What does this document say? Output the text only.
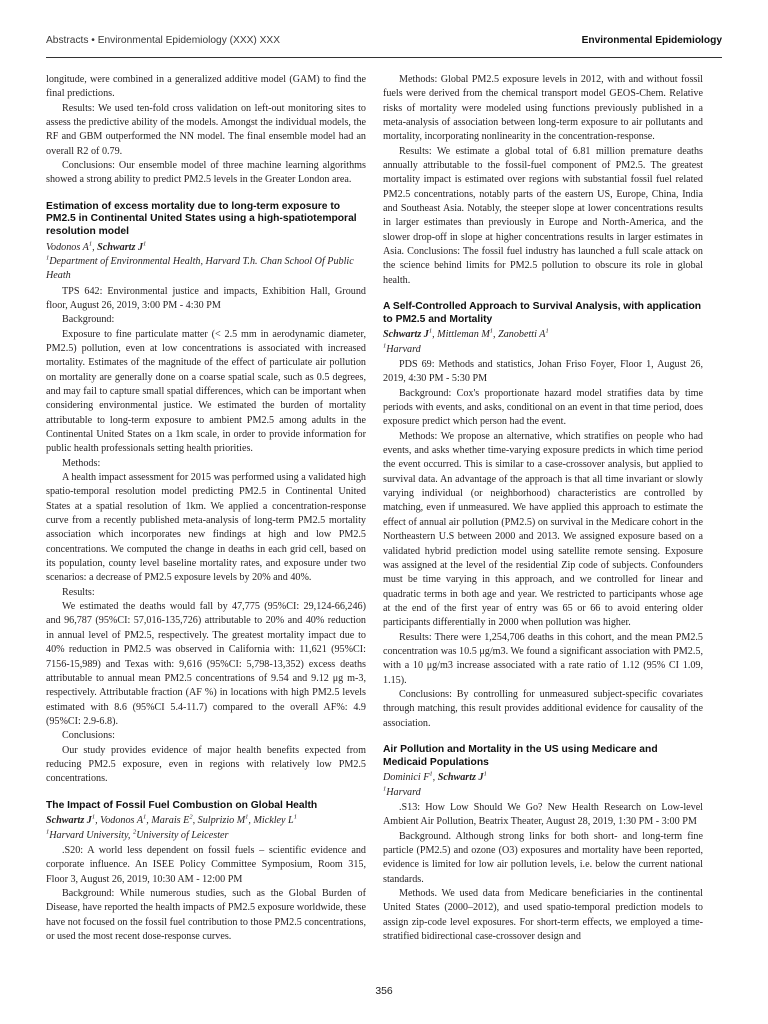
Abstracts • Environmental Epidemiology (XXX) XXX	Environmental Epidemiology

longitude, were combined in a generalized additive model (GAM) to find the final predictions.

Results: We used ten-fold cross validation on left-out monitoring sites to assess the predictive ability of the models. Amongst the individual models, the RF and GBM outperformed the NN model. The final ensemble model had an overall R2 of 0.79.

Conclusions: Our ensemble model of three machine learning algorithms showed a strong ability to predict PM2.5 levels in the Greater London area.

Estimation of excess mortality due to long-term exposure to PM2.5 in Continental United States using a high-spatiotemporal resolution model

Vodonos $A^1$, Schwartz $J^1$

$^1$Department of Environmental Health, Harvard T.h. Chan School Of Public Heath

TPS 642: Environmental justice and impacts, Exhibition Hall, Ground floor, August 26, 2019, 3:00 PM - 4:30 PM

Background:

Exposure to fine particulate matter (< 2.5 mm in aerodynamic diameter, PM2.5) pollution, even at low concentrations is associated with increased mortality. Estimates of the magnitude of the effect of particulate air pollution on mortality are generally done on a coarse spatial scale, such as 0.5 degrees, and may fail to capture small spatial differences, which can be important when considering environmental justice. We estimated the burden of mortality attributable to long-term exposure to ambient PM2.5 among adults in the Continental United States on a 1km scale, in order to provide information for public health professionals setting health priorities.

Methods:

A health impact assessment for 2015 was performed using a validated high spatio-temporal resolution model predicting PM2.5 in Continental United States at a spatial resolution of 1km. We applied a concentration-response curve from a recently published meta-analysis of long-term PM2.5 mortality association which incorporates new findings at high and low PM2.5 concentrations. We computed the change in deaths in each grid cell, based on its population, county level baseline mortality rates, and exposure under two scenarios: a decrease of PM2.5 exposure levels by 20% and 40%.

Results:

We estimated the deaths would fall by 47,775 (95%CI: 29,124-66,246) and 96,787 (95%CI: 57,016-135,726) attributable to 20% and 40% reduction in annual level of PM2.5, respectively. The greatest mortality impact due to 40% reduction in PM2.5 was observed in California with: 11,621 (95%CI: 7156-15,989) and Texas with: 9,616 (95%CI: 5,798-13,352) excess deaths attributable to annual mean PM2.5 concentrations of 9.54 and 9.12 μg m-3, respectively. Attributable fraction (AF %) in locations with high PM2.5 levels estimated with 8.6 (95%CI 5.4-11.7) compared to the overall AF%: 4.9 (95%CI: 2.9-6.8).

Conclusions:

Our study provides evidence of major health benefits expected from reducing PM2.5 exposure, even in regions with relatively low PM2.5 concentrations.

The Impact of Fossil Fuel Combustion on Global Health

Schwartz $J^1$, Vodonos $A^1$, Marais $E^2$, Sulprizio $M^1$, Mickley $L^1$

$^1$Harvard University, $^2$University of Leicester

.S20: A world less dependent on fossil fuels – scientific evidence and corporate influence. An ISEE Policy Committee Symposium, Room 315, Floor 3, August 26, 2019, 10:30 AM - 12:00 PM

Background: While numerous studies, such as the Global Burden of Disease, have reported the health impacts of PM2.5 exposure worldwide, these have not focused on the fossil fuel contribution to those PM2.5 concentrations, or used the most recent dose-response curves.

Methods: Global PM2.5 exposure levels in 2012, with and without fossil fuels were derived from the chemical transport model GEOS-Chem. Relative risks of mortality were modeled using functions previously published in a meta-analysis of association between long-term exposure to air pollutants and mortality, incorporating nonlinearity in the concentration-response.

Results: We estimate a global total of 6.81 million premature deaths annually attributable to the fossil-fuel component of PM2.5. The greatest mortality impact is estimated over regions with substantial fossil fuel related PM2.5 concentrations, notably parts of the eastern US, Europe, China, India and Southeast Asia. Notably, the steeper slope at lower concentrations results in larger estimates than previously in Europe and North-America, and the slower drop-off in slope at higher concentrations results in larger estimates in Asia. Conclusions: The fossil fuel industry has launched a full scale attack on the science behind limits for PM2.5 pollution to obscure its role in global health.

A Self-Controlled Approach to Survival Analysis, with application to PM2.5 and Mortality

Schwartz $J^1$, Mittleman $M^1$, Zanobetti $A^1$

$^1$Harvard

PDS 69: Methods and statistics, Johan Friso Foyer, Floor 1, August 26, 2019, 4:30 PM - 5:30 PM

Background: Cox's proportionate hazard model stratifies data by time periods with events, and asks, conditional on an event in that time period, does exposure predict which person had the event.

Methods: We propose an alternative, which stratifies on people who had events, and asks whether time-varying exposure predicts in which time period the event occurred. This is similar to a case-crossover analysis, but applied to survival data. An advantage of the approach is that all time invariant or slowly varying individual (or neighborhood) characteristics are controlled by matching, even if unmeasured. We have applied this approach to estimate the effect of annual air pollution (PM2.5) on survival in the Medicare cohort in the Northeastern U.S between 2000 and 2013. We assigned exposure based on a validated hybrid prediction model using satellite remote sensing. Exposure was assigned at the level of the residential Zip code of subjects. Confounders must be time varying in this approach, and we controlled for linear and quadratic terms in both age and year. We restricted to participants whose age at the end of the first year of entry was 65 or 66 to avoid entering older participants differentially in 2000 when pollution was higher.

Results: There were 1,254,706 deaths in this cohort, and the mean PM2.5 concentration was 10.5 μg/m3. We found a significant association with PM2.5, with a 10 μg/m3 increase associated with a rate ratio of 1.12 (95% CI 1.09, 1.15).

Conclusions: By controlling for unmeasured subject-specific covariates through matching, this result provides additional evidence for causality of the association.

Air Pollution and Mortality in the US using Medicare and Medicaid Populations

Dominici $F^1$, Schwartz $J^1$

$^1$Harvard

.S13: How Low Should We Go? New Health Research on Low-level Ambient Air Pollution, Beatrix Theater, August 28, 2019, 1:30 PM - 3:00 PM

Background. Although strong links for both short- and long-term fine particle (PM2.5) and ozone (O3) exposures and mortality have been reported, evidence is limited for low air pollution levels, i.e. below the current national standards.

Methods. We used data from Medicare beneficiaries in the continental United States (2000–2012), and used spatio-temporal prediction models to assign zip-code level exposures. For short-term effects, we employed a time-stratified bidirectional case-crossover design and

356
